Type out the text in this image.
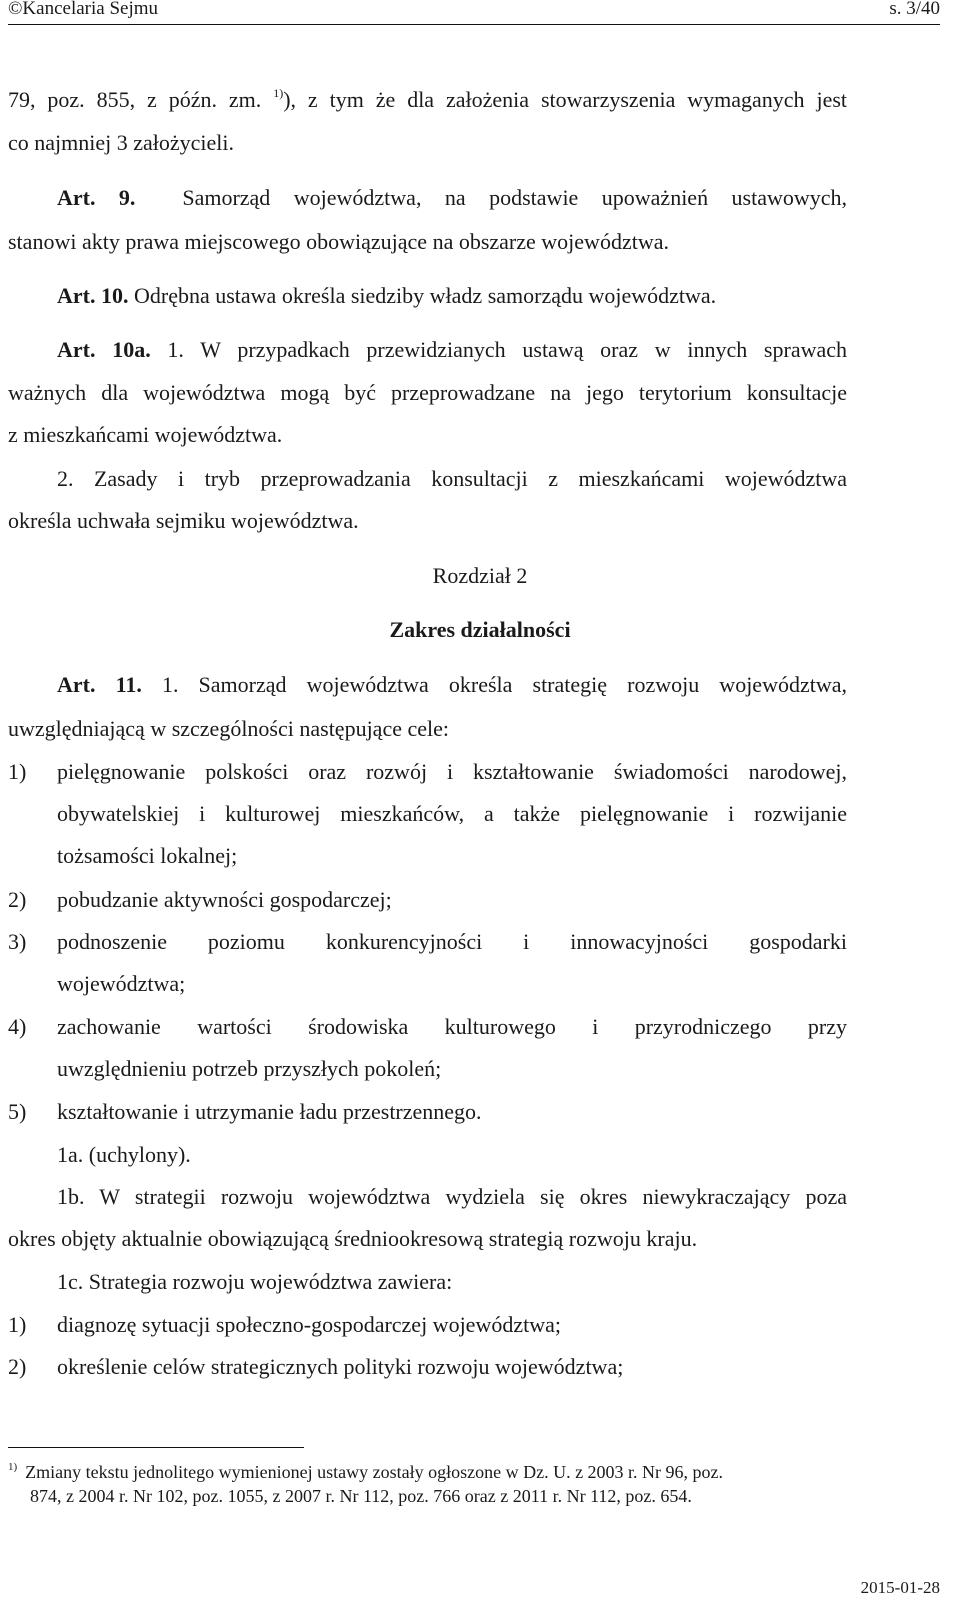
©Kancelaria Sejmu	s. 3/40
79, poz. 855, z późn. zm. $^{1)}$), z tym że dla założenia stowarzyszenia wymaganych jest
co najmniej 3 założycieli.
Art. 9. Samorząd województwa, na podstawie upoważnień ustawowych,
stanowi akty prawa miejscowego obowiązujące na obszarze województwa.
Art. 10. Odrębna ustawa określa siedziby władz samorządu województwa.
Art. 10a. 1. W przypadkach przewidzianych ustawą oraz w innych sprawach
ważnych dla województwa mogą być przeprowadzane na jego terytorium konsultacje
z mieszkańcami województwa.
2. Zasady i tryb przeprowadzania konsultacji z mieszkańcami województwa
określa uchwała sejmiku województwa.
Rozdział 2
Zakres działalności
Art. 11. 1. Samorząd województwa określa strategię rozwoju województwa,
uwzględniającą w szczególności następujące cele:
1) pielęgnowanie polskości oraz rozwój i kształtowanie świadomości narodowej,
obywatelskiej i kulturowej mieszkańców, a także pielęgnowanie i rozwijanie
tożsamości lokalnej;
2) pobudzanie aktywności gospodarczej;
3) podnoszenie poziomu konkurencyjności i innowacyjności gospodarki
województwa;
4) zachowanie wartości środowiska kulturowego i przyrodniczego przy
uwzględnieniu potrzeb przyszłych pokoleń;
5) kształtowanie i utrzymanie ładu przestrzennego.
1a. (uchylony).
1b. W strategii rozwoju województwa wydziela się okres niewykraczający poza
okres objęty aktualnie obowiązującą średniookresową strategią rozwoju kraju.
1c. Strategia rozwoju województwa zawiera:
1) diagnozę sytuacji społeczno-gospodarczej województwa;
2) określenie celów strategicznych polityki rozwoju województwa;
$^{1)}$ Zmiany tekstu jednolitego wymienionej ustawy zostały ogłoszone w Dz. U. z 2003 r. Nr 96, poz.
874, z 2004 r. Nr 102, poz. 1055, z 2007 r. Nr 112, poz. 766 oraz z 2011 r. Nr 112, poz. 654.
2015-01-28
